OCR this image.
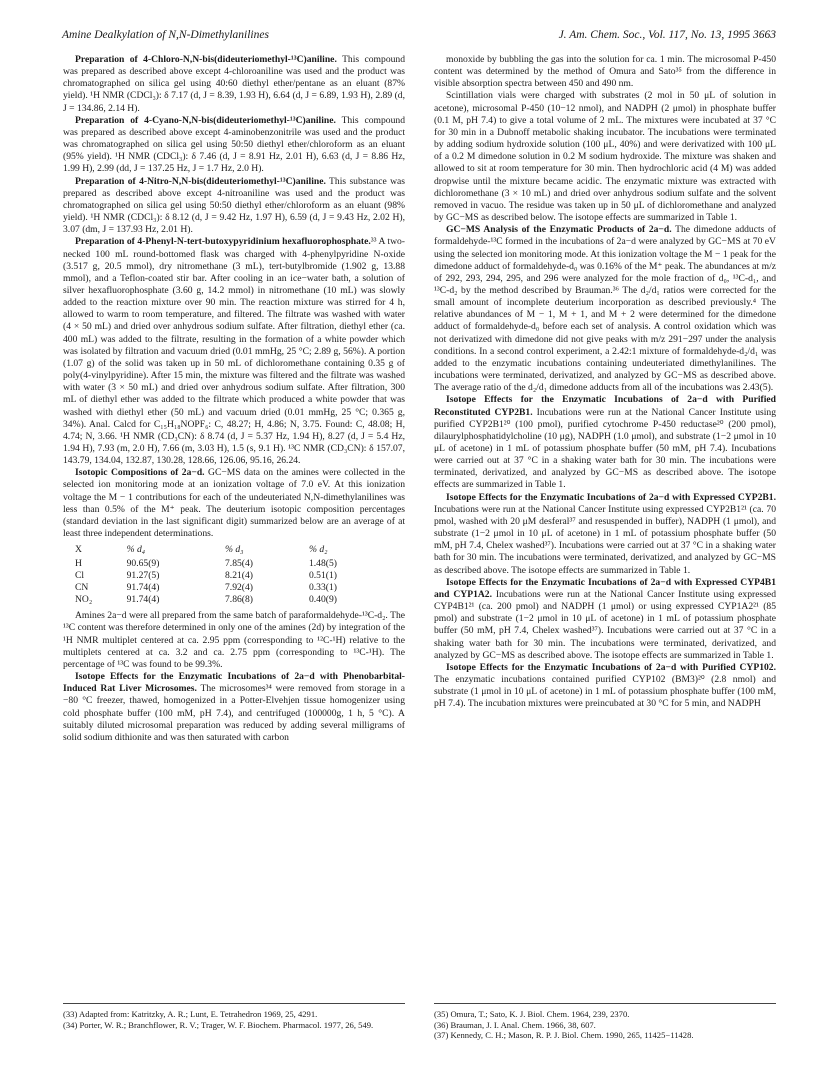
Amine Dealkylation of N,N-Dimethylanilines	J. Am. Chem. Soc., Vol. 117, No. 13, 1995 3663

Preparation of 4-Chloro-N,N-bis(dideuteriomethyl-¹³C)aniline. This compound was prepared as described above except 4-chloroaniline was used and the product was chromatographed on silica gel using 40:60 diethyl ether/pentane as an eluant (87% yield). ¹H NMR (CDCl₃): δ 7.17 (d, J = 8.39, 1.93 H), 6.64 (d, J = 6.89, 1.93 H), 2.89 (d, J = 134.86, 2.14 H).

Preparation of 4-Cyano-N,N-bis(dideuteriomethyl-¹³C)aniline. This compound was prepared as described above except 4-aminobenzonitrile was used and the product was chromatographed on silica gel using 50:50 diethyl ether/chloroform as an eluant (95% yield). ¹H NMR (CDCl₃): δ 7.46 (d, J = 8.91 Hz, 2.01 H), 6.63 (d, J = 8.86 Hz, 1.99 H), 2.99 (dd, J = 137.25 Hz, J = 1.7 Hz, 2.0 H).

Preparation of 4-Nitro-N,N-bis(dideuteriomethyl-¹³C)aniline. This substance was prepared as described above except 4-nitroaniline was used and the product was chromatographed on silica gel using 50:50 diethyl ether/chloroform as an eluant (98% yield). ¹H NMR (CDCl₃): δ 8.12 (d, J = 9.42 Hz, 1.97 H), 6.59 (d, J = 9.43 Hz, 2.02 H), 3.07 (dm, J = 137.93 Hz, 2.01 H).

Preparation of 4-Phenyl-N-tert-butoxypyridinium hexafluorophosphate.³³ A two-necked 100 mL round-bottomed flask was charged with 4-phenylpyridine N-oxide (3.517 g, 20.5 mmol), dry nitromethane (3 mL), tert-butylbromide (1.902 g, 13.88 mmol), and a Teflon-coated stir bar. After cooling in an ice−water bath, a solution of silver hexafluorophosphate (3.60 g, 14.2 mmol) in nitromethane (10 mL) was slowly added to the reaction mixture over 90 min. The reaction mixture was stirred for 4 h, allowed to warm to room temperature, and filtered. The filtrate was washed with water (4 × 50 mL) and dried over anhydrous sodium sulfate. After filtration, diethyl ether (ca. 400 mL) was added to the filtrate, resulting in the formation of a white powder which was isolated by filtration and vacuum dried (0.01 mmHg, 25 °C; 2.89 g, 56%). A portion (1.07 g) of the solid was taken up in 50 mL of dichloromethane containing 0.35 g of poly(4-vinylpyridine). After 15 min, the mixture was filtered and the filtrate was washed with water (3 × 50 mL) and dried over anhydrous sodium sulfate. After filtration, 300 mL of diethyl ether was added to the filtrate which produced a white powder that was washed with diethyl ether (50 mL) and vacuum dried (0.01 mmHg, 25 °C; 0.365 g, 34%). Anal. Calcd for C₁₅H₁₈NOPF₆: C, 48.27; H, 4.86; N, 3.75. Found: C, 48.08; H, 4.74; N, 3.66. ¹H NMR (CD₃CN): δ 8.74 (d, J = 5.37 Hz, 1.94 H), 8.27 (d, J = 5.4 Hz, 1.94 H), 7.93 (m, 2.0 H), 7.66 (m, 3.03 H), 1.5 (s, 9.1 H). ¹³C NMR (CD₃CN): δ 157.07, 143.79, 134.04, 132.87, 130.28, 128.66, 126.06, 95.16, 26.24.

Isotopic Compositions of 2a−d. GC−MS data on the amines were collected in the selected ion monitoring mode at an ionization voltage of 7.0 eV. At this ionization voltage the M − 1 contributions for each of the undeuteriated N,N-dimethylanilines was less than 0.5% of the M⁺ peak. The deuterium isotopic composition percentages (standard deviation in the last significant digit) summarized below are an average of at least three independent determinations.

X	% d₄	% d₃	% d₂
H	90.65(9)	7.85(4)	1.48(5)
Cl	91.27(5)	8.21(4)	0.51(1)
CN	91.74(4)	7.92(4)	0.33(1)
NO₂	91.74(4)	7.86(8)	0.40(9)

Amines 2a−d were all prepared from the same batch of paraformaldehyde-¹³C-d₂. The ¹³C content was therefore determined in only one of the amines (2d) by integration of the ¹H NMR multiplet centered at ca. 2.95 ppm (corresponding to ¹²C-¹H) relative to the multiplets centered at ca. 3.2 and ca. 2.75 ppm (corresponding to ¹³C-¹H). The percentage of ¹³C was found to be 99.3%.

Isotope Effects for the Enzymatic Incubations of 2a−d with Phenobarbital-Induced Rat Liver Microsomes. The microsomes³⁴ were removed from storage in a −80 °C freezer, thawed, homogenized in a Potter-Elvehjen tissue homogenizer using cold phosphate buffer (100 mM, pH 7.4), and centrifuged (100000g, 1 h, 5 °C). A suitably diluted microsomal preparation was reduced by adding several milligrams of solid sodium dithionite and was then saturated with carbon

monoxide by bubbling the gas into the solution for ca. 1 min. The microsomal P-450 content was determined by the method of Omura and Sato³⁵ from the difference in visible absorption spectra between 450 and 490 nm.

Scintillation vials were charged with substrates (2 mol in 50 μL of solution in acetone), microsomal P-450 (10−12 nmol), and NADPH (2 μmol) in phosphate buffer (0.1 M, pH 7.4) to give a total volume of 2 mL. The mixtures were incubated at 37 °C for 30 min in a Dubnoff metabolic shaking incubator. The incubations were terminated by adding sodium hydroxide solution (100 μL, 40%) and were derivatized with 100 μL of a 0.2 M dimedone solution in 0.2 M sodium hydroxide. The mixture was shaken and allowed to sit at room temperature for 30 min. Then hydrochloric acid (4 M) was added dropwise until the mixture became acidic. The enzymatic mixture was extracted with dichloromethane (3 × 10 mL) and dried over anhydrous sodium sulfate and the solvent removed in vacuo. The residue was taken up in 50 μL of dichloromethane and analyzed by GC−MS as described below. The isotope effects are summarized in Table 1.

GC−MS Analysis of the Enzymatic Products of 2a−d. The dimedone adducts of formaldehyde-¹³C formed in the incubations of 2a−d were analyzed by GC−MS at 70 eV using the selected ion monitoring mode. At this ionization voltage the M − 1 peak for the dimedone adduct of formaldehyde-d₀ was 0.16% of the M⁺ peak. The abundances at m/z of 292, 293, 294, 295, and 296 were analyzed for the mole fraction of d₀, ¹³C-d₁, and ¹³C-d₂ by the method described by Brauman.³⁶ The d₂/d₁ ratios were corrected for the small amount of incomplete deuterium incorporation as described previously.⁴ The relative abundances of M − 1, M + 1, and M + 2 were determined for the dimedone adduct of formaldehyde-d₀ before each set of analysis. A control oxidation which was not derivatized with dimedone did not give peaks with m/z 291−297 under the analysis conditions. In a second control experiment, a 2.42:1 mixture of formaldehyde-d₂/d₁ was added to the enzymatic incubations containing undeuteriated dimethylanilines. The incubations were terminated, derivatized, and analyzed by GC−MS as described above. The average ratio of the d₂/d₁ dimedone adducts from all of the incubations was 2.43(5).

Isotope Effects for the Enzymatic Incubations of 2a−d with Purified Reconstituted CYP2B1. Incubations were run at the National Cancer Institute using purified CYP2B1²⁰ (100 pmol), purified cytochrome P-450 reductase²⁰ (200 pmol), dilaurylphosphatidylcholine (10 μg), NADPH (1.0 μmol), and substrate (1−2 μmol in 10 μL of acetone) in 1 mL of potassium phosphate buffer (50 mM, pH 7.4). Incubations were carried out at 37 °C in a shaking water bath for 30 min. The incubations were terminated, derivatized, and analyzed by GC−MS as described above. The isotope effects are summarized in Table 1.

Isotope Effects for the Enzymatic Incubations of 2a−d with Expressed CYP2B1. Incubations were run at the National Cancer Institute using expressed CYP2B1²¹ (ca. 70 pmol, washed with 20 μM desferal³⁷ and resuspended in buffer), NADPH (1 μmol), and substrate (1−2 μmol in 10 μL of acetone) in 1 mL of potassium phosphate buffer (50 mM, pH 7.4, Chelex washed³⁷). Incubations were carried out at 37 °C in a shaking water bath for 30 min. The incubations were terminated, derivatized, and analyzed by GC−MS as described above. The isotope effects are summarized in Table 1.

Isotope Effects for the Enzymatic Incubations of 2a−d with Expressed CYP4B1 and CYP1A2. Incubations were run at the National Cancer Institute using expressed CYP4B1²¹ (ca. 200 pmol) and NADPH (1 μmol) or using expressed CYP1A2²¹ (85 pmol) and substrate (1−2 μmol in 10 μL of acetone) in 1 mL of potassium phosphate buffer (50 mM, pH 7.4, Chelex washed³⁷). Incubations were carried out at 37 °C in a shaking water bath for 30 min. The incubations were terminated, derivatized, and analyzed by GC−MS as described above. The isotope effects are summarized in Table 1.

Isotope Effects for the Enzymatic Incubations of 2a−d with Purified CYP102. The enzymatic incubations contained purified CYP102 (BM3)²⁰ (2.8 nmol) and substrate (1 μmol in 10 μL of acetone) in 1 mL of potassium phosphate buffer (100 mM, pH 7.4). The incubation mixtures were preincubated at 30 °C for 5 min, and NADPH

(33) Adapted from: Katritzky, A. R.; Lunt, E. Tetrahedron 1969, 25, 4291.

(34) Porter, W. R.; Branchflower, R. V.; Trager, W. F. Biochem. Pharmacol. 1977, 26, 549.

(35) Omura, T.; Sato, K. J. Biol. Chem. 1964, 239, 2370.

(36) Brauman, J. I. Anal. Chem. 1966, 38, 607.

(37) Kennedy, C. H.; Mason, R. P. J. Biol. Chem. 1990, 265, 11425−11428.
